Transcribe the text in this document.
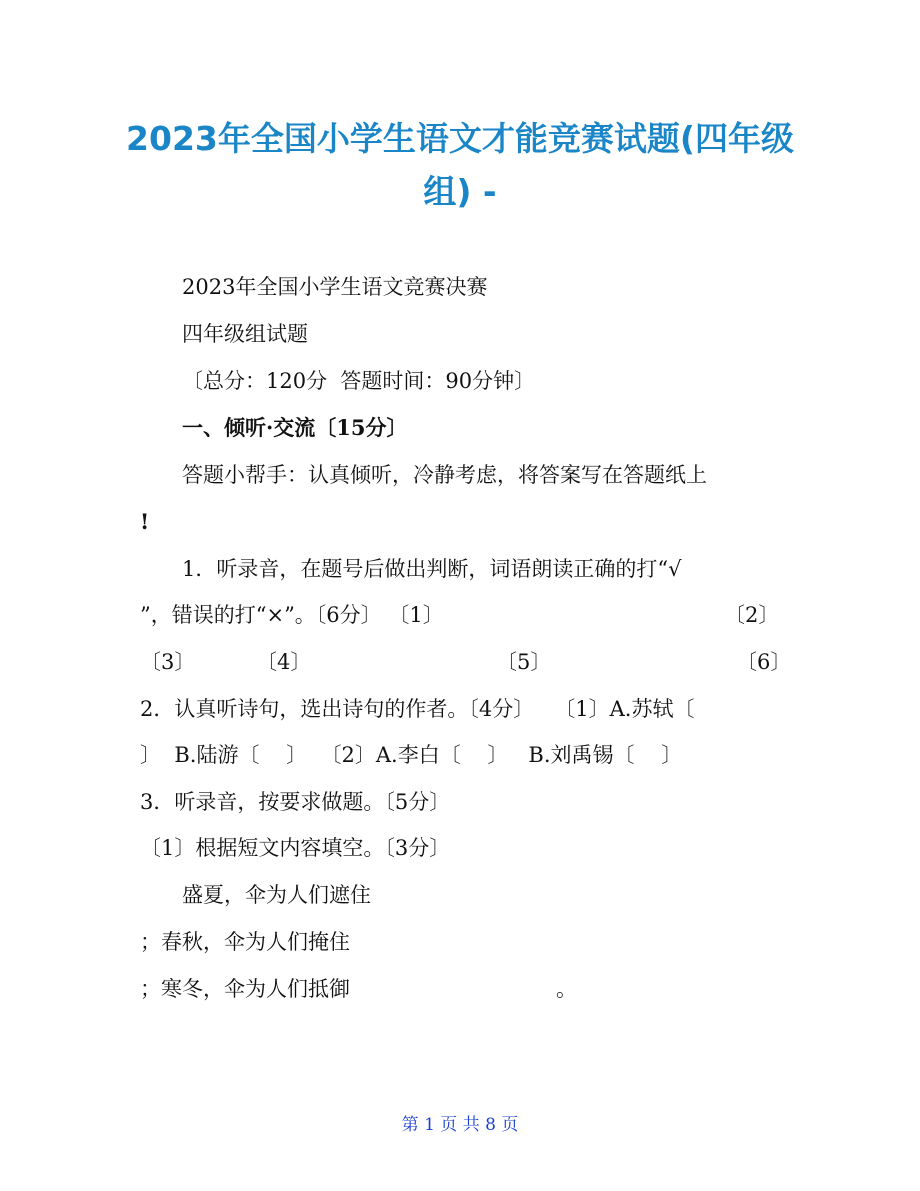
2023年全国小学生语文才能竞赛试题(四年级
组) -
2023年全国小学生语文竞赛决赛
四年级组试题
〔总分：120分  答题时间：90分钟〕
一、倾听·交流〔15分〕
答题小帮手：认真倾听，冷静考虑，将答案写在答题纸上
!
1．听录音，在题号后做出判断，词语朗读正确的打“√
”，错误的打“×”。〔6分〕 〔1〕	〔2〕
〔3〕	〔4〕	〔5〕	〔6〕
2．认真听诗句，选出诗句的作者。〔4分〕   〔1〕A.苏轼〔
〕  B.陆游〔    〕  〔2〕A.李白〔    〕   B.刘禹锡〔    〕
3．听录音，按要求做题。〔5分〕
〔1〕根据短文内容填空。〔3分〕
盛夏，伞为人们遮住
；春秋，伞为人们掩住
；寒冬，伞为人们抵御	。
第 1 页 共 8 页
